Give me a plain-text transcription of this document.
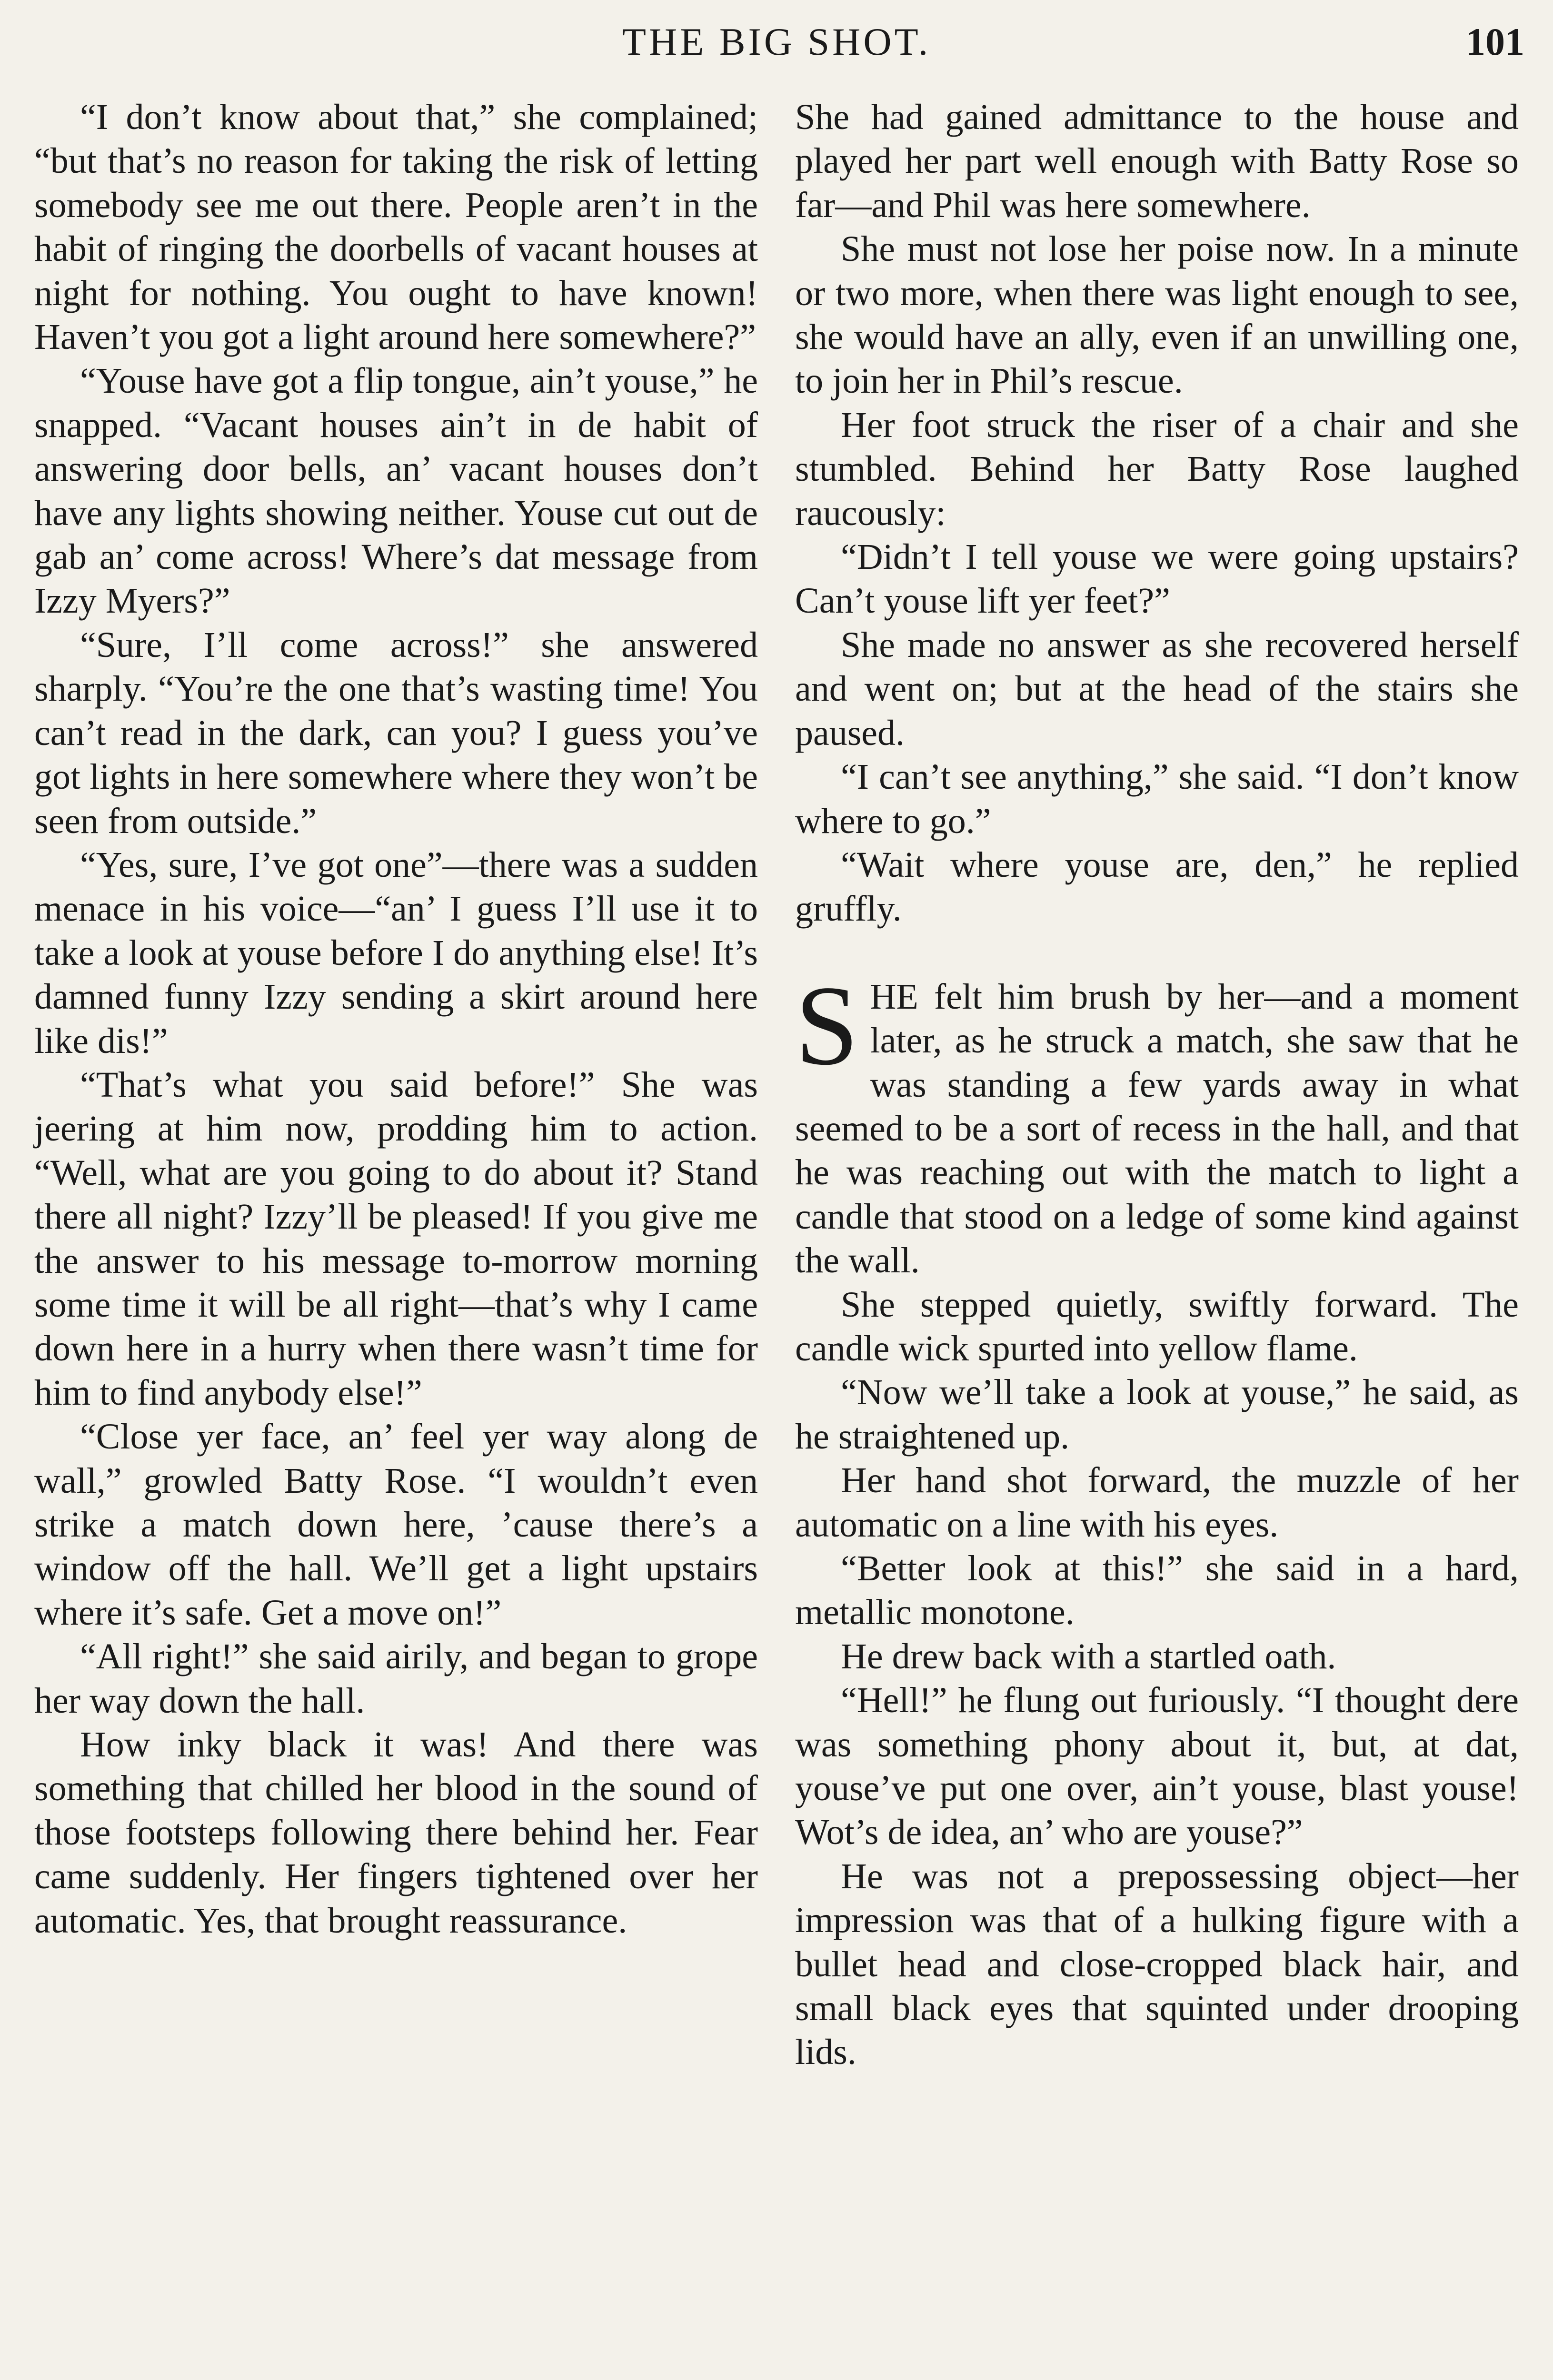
THE BIG SHOT.	101

“I don’t know about that,” she complained; “but that’s no reason for taking the risk of letting somebody see me out there. People aren’t in the habit of ringing the doorbells of vacant houses at night for nothing. You ought to have known! Haven’t you got a light around here somewhere?”

“Youse have got a flip tongue, ain’t youse,” he snapped. “Vacant houses ain’t in de habit of answering door bells, an’ vacant houses don’t have any lights showing neither. Youse cut out de gab an’ come across! Where’s dat message from Izzy Myers?”

“Sure, I’ll come across!” she answered sharply. “You’re the one that’s wasting time! You can’t read in the dark, can you? I guess you’ve got lights in here somewhere where they won’t be seen from outside.”

“Yes, sure, I’ve got one”—there was a sudden menace in his voice—“an’ I guess I’ll use it to take a look at youse before I do anything else! It’s damned funny Izzy sending a skirt around here like dis!”

“That’s what you said before!” She was jeering at him now, prodding him to action. “Well, what are you going to do about it? Stand there all night? Izzy’ll be pleased! If you give me the answer to his message to-morrow morning some time it will be all right—that’s why I came down here in a hurry when there wasn’t time for him to find anybody else!”

“Close yer face, an’ feel yer way along de wall,” growled Batty Rose. “I wouldn’t even strike a match down here, ’cause there’s a window off the hall. We’ll get a light upstairs where it’s safe. Get a move on!”

“All right!” she said airily, and began to grope her way down the hall.

How inky black it was! And there was something that chilled her blood in the sound of those footsteps following there behind her. Fear came suddenly. Her fingers tightened over her automatic. Yes, that brought reassurance.

She had gained admittance to the house and played her part well enough with Batty Rose so far—and Phil was here somewhere.

She must not lose her poise now. In a minute or two more, when there was light enough to see, she would have an ally, even if an unwilling one, to join her in Phil’s rescue.

Her foot struck the riser of a chair and she stumbled. Behind her Batty Rose laughed raucously:

“Didn’t I tell youse we were going upstairs? Can’t youse lift yer feet?”

She made no answer as she recovered herself and went on; but at the head of the stairs she paused.

“I can’t see anything,” she said. “I don’t know where to go.”

“Wait where youse are, den,” he replied gruffly.

SHE felt him brush by her—and a moment later, as he struck a match, she saw that he was standing a few yards away in what seemed to be a sort of recess in the hall, and that he was reaching out with the match to light a candle that stood on a ledge of some kind against the wall.

She stepped quietly, swiftly forward. The candle wick spurted into yellow flame.

“Now we’ll take a look at youse,” he said, as he straightened up.

Her hand shot forward, the muzzle of her automatic on a line with his eyes.

“Better look at this!” she said in a hard, metallic monotone.

He drew back with a startled oath.

“Hell!” he flung out furiously. “I thought dere was something phony about it, but, at dat, youse’ve put one over, ain’t youse, blast youse! Wot’s de idea, an’ who are youse?”

He was not a prepossessing object—her impression was that of a hulking figure with a bullet head and close-cropped black hair, and small black eyes that squinted under drooping lids.
